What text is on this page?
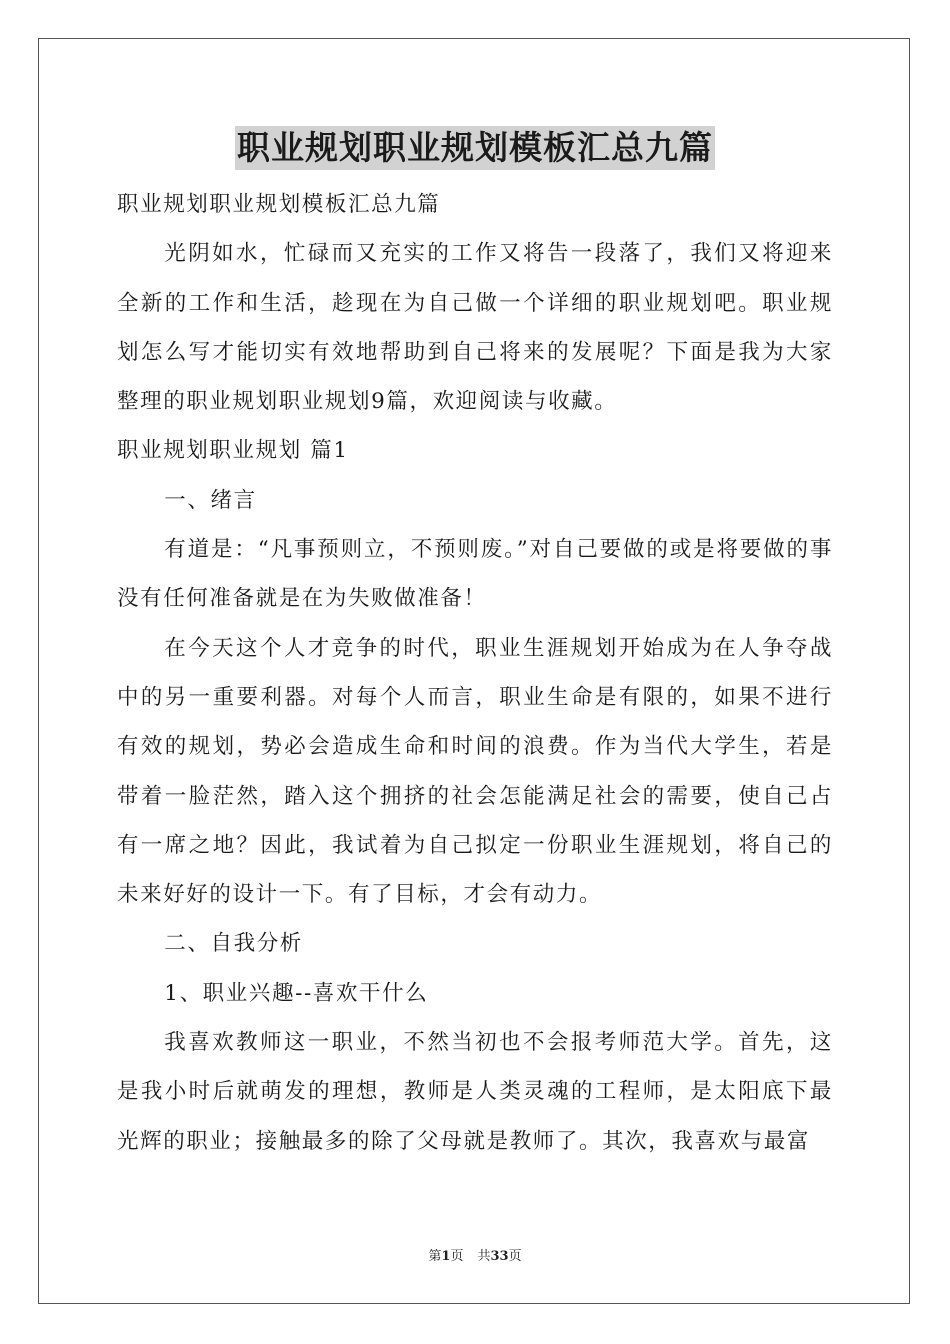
职业规划职业规划模板汇总九篇

职业规划职业规划模板汇总九篇

光阴如水，忙碌而又充实的工作又将告一段落了，我们又将迎来全新的工作和生活，趁现在为自己做一个详细的职业规划吧。职业规划怎么写才能切实有效地帮助到自己将来的发展呢？下面是我为大家整理的职业规划职业规划9篇，欢迎阅读与收藏。

职业规划职业规划 篇1

一、绪言

有道是：“凡事预则立，不预则废。”对自己要做的或是将要做的事没有任何准备就是在为失败做准备！

在今天这个人才竞争的时代，职业生涯规划开始成为在人争夺战中的另一重要利器。对每个人而言，职业生命是有限的，如果不进行有效的规划，势必会造成生命和时间的浪费。作为当代大学生，若是带着一脸茫然，踏入这个拥挤的社会怎能满足社会的需要，使自己占有一席之地？因此，我试着为自己拟定一份职业生涯规划，将自己的未来好好的设计一下。有了目标，才会有动力。

二、自我分析

1、职业兴趣--喜欢干什么

我喜欢教师这一职业，不然当初也不会报考师范大学。首先，这是我小时后就萌发的理想，教师是人类灵魂的工程师，是太阳底下最光辉的职业；接触最多的除了父母就是教师了。其次，我喜欢与最富

第1页 共33页
